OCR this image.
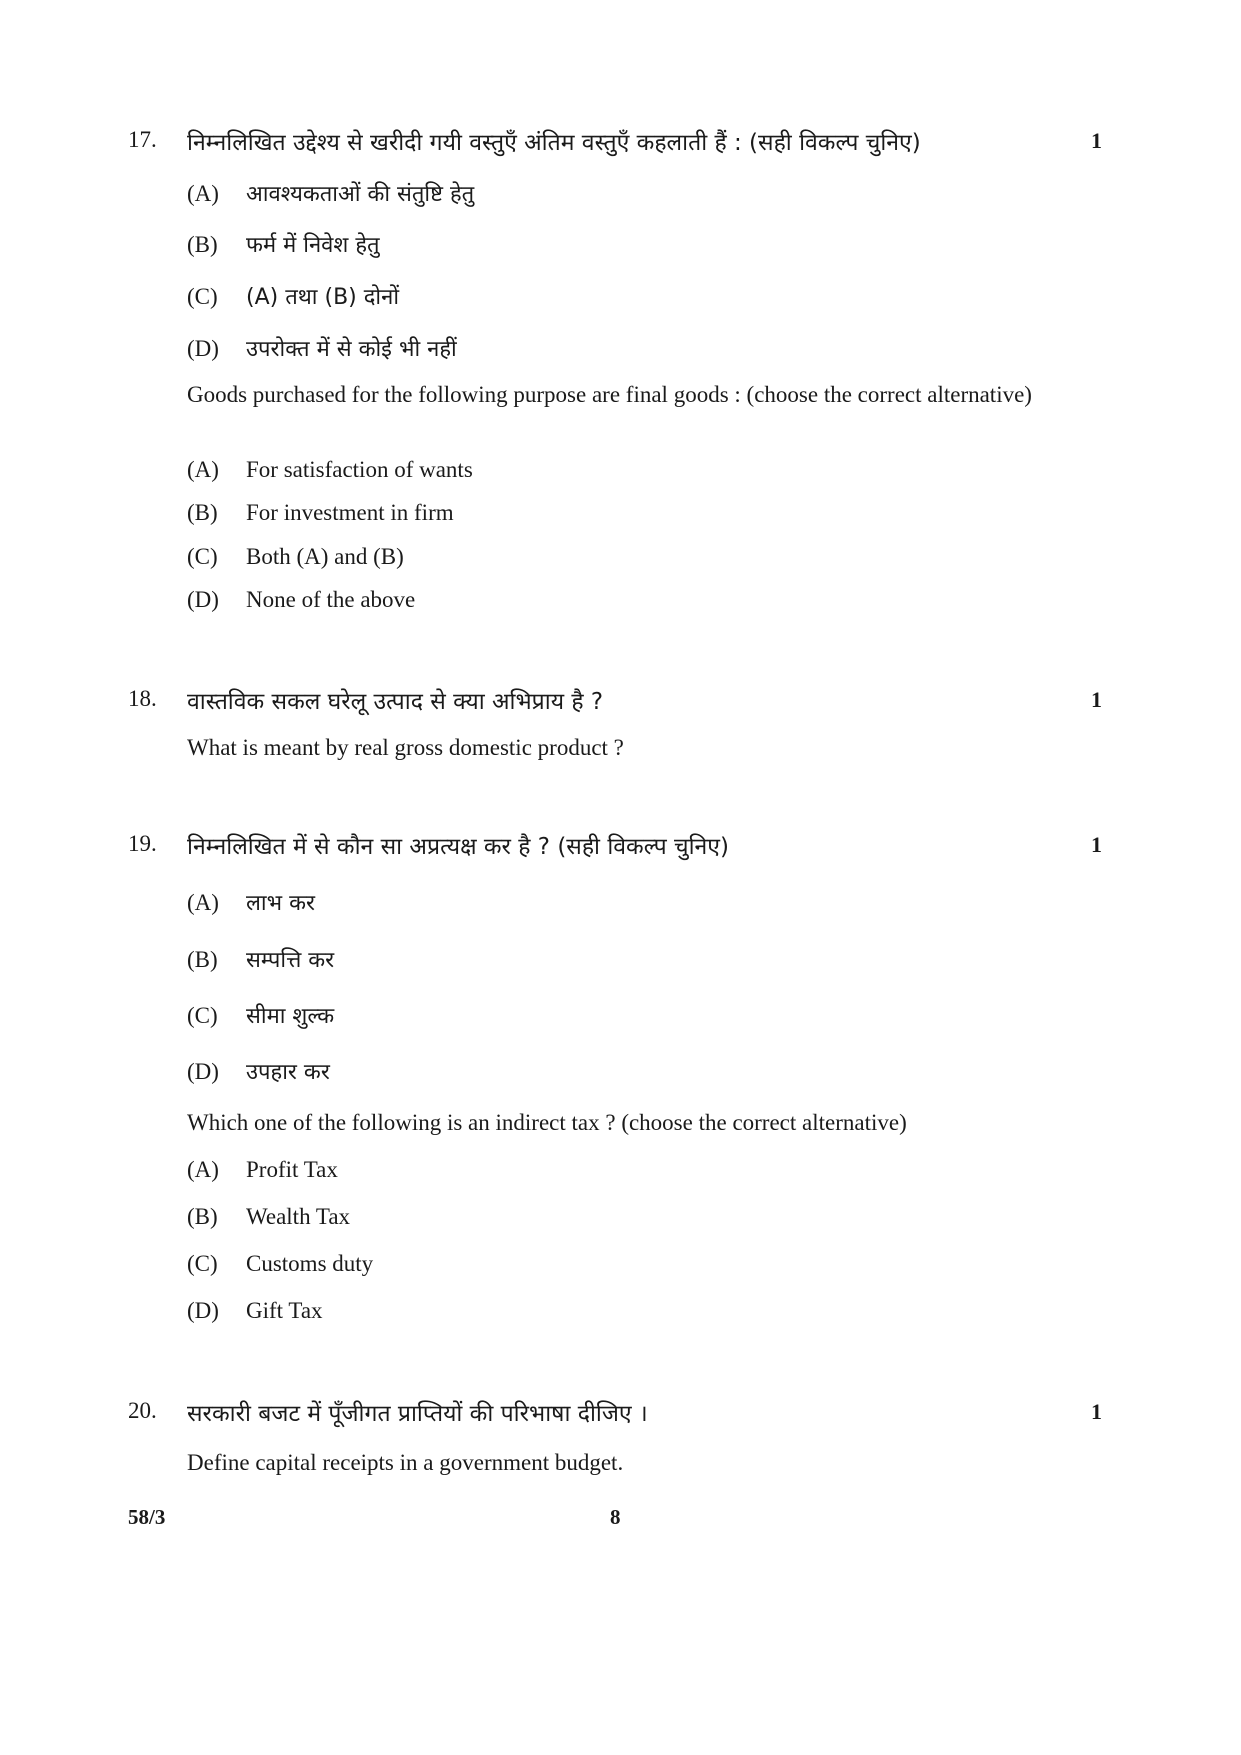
17. निम्नलिखित उद्देश्य से खरीदी गयी वस्तुएँ अंतिम वस्तुएँ कहलाती हैं : (सही विकल्प चुनिए)	1
(A) आवश्यकताओं की संतुष्टि हेतु
(B) फर्म में निवेश हेतु
(C) (A) तथा (B) दोनों
(D) उपरोक्त में से कोई भी नहीं
Goods purchased for the following purpose are final goods : (choose the correct alternative)
(A) For satisfaction of wants
(B) For investment in firm
(C) Both (A) and (B)
(D) None of the above
18. वास्तविक सकल घरेलू उत्पाद से क्या अभिप्राय है ?	1
What is meant by real gross domestic product ?
19. निम्नलिखित में से कौन सा अप्रत्यक्ष कर है ? (सही विकल्प चुनिए)	1
(A) लाभ कर
(B) सम्पत्ति कर
(C) सीमा शुल्क
(D) उपहार कर
Which one of the following is an indirect tax ? (choose the correct alternative)
(A) Profit Tax
(B) Wealth Tax
(C) Customs duty
(D) Gift Tax
20. सरकारी बजट में पूँजीगत प्राप्तियों की परिभाषा दीजिए ।	1
Define capital receipts in a government budget.
58/3	8
